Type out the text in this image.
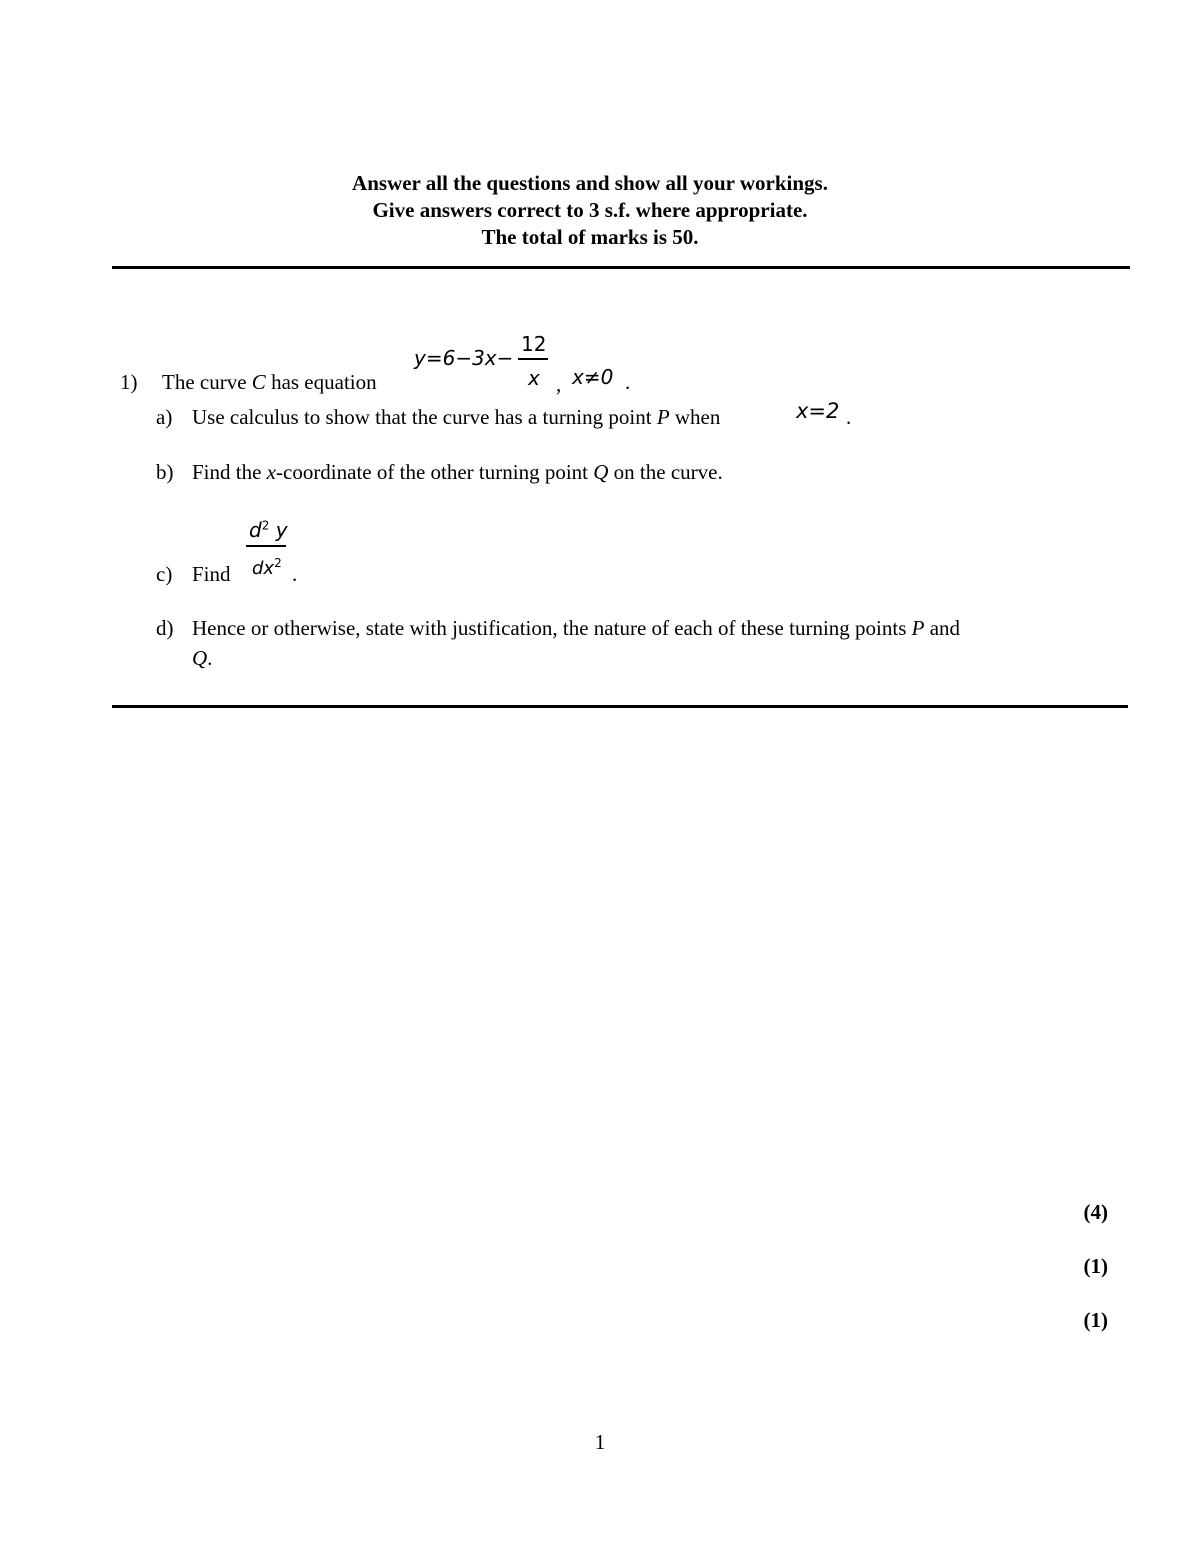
Answer all the questions and show all your workings.
Give answers correct to 3 s.f. where appropriate.
The total of marks is 50.
1) The curve C has equation
y=6−3x−
12
x , x≠0 .
a) Use calculus to show that the curve has a turning point P when	x=2 .
b) Find the x-coordinate of the other turning point Q on the curve.
c) Find
$d^2$ y
$dx^2$ .
d) Hence or otherwise, state with justification, the nature of each of these turning points P and
Q.
(4)
(1)
(1)
1
